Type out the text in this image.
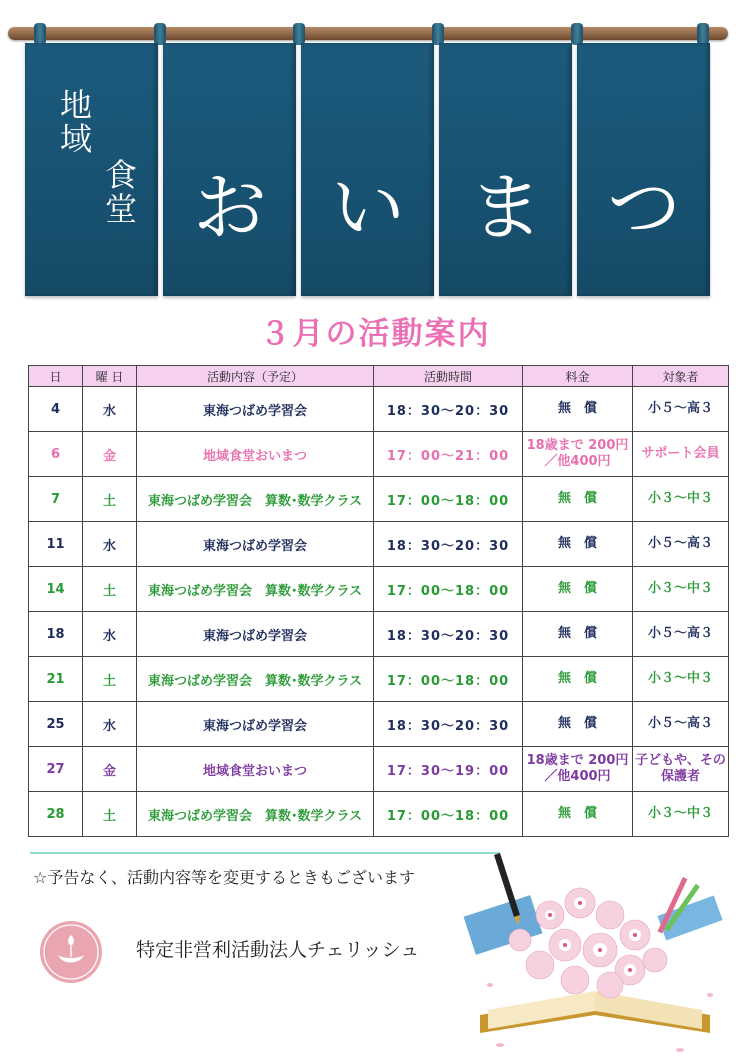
地域
食堂 お い ま つ
３月の活動案内
日	曜 日	活動内容（予定）	活動時間	料金	対象者
4	水	東海つばめ学習会	18：30〜20：30	無　償	小５〜高３
6	金	地域食堂おいまつ	17：00〜21：00	18歳まで 200円／他400円	サポート会員
7	土	東海つばめ学習会　算数･数学クラス	17：00〜18：00	無　償	小３〜中３
11	水	東海つばめ学習会	18：30〜20：30	無　償	小５〜高３
14	土	東海つばめ学習会　算数･数学クラス	17：00〜18：00	無　償	小３〜中３
18	水	東海つばめ学習会	18：30〜20：30	無　償	小５〜高３
21	土	東海つばめ学習会　算数･数学クラス	17：00〜18：00	無　償	小３〜中３
25	水	東海つばめ学習会	18：30〜20：30	無　償	小５〜高３
27	金	地域食堂おいまつ	17：30〜19：00	18歳まで 200円／他400円	子どもや、その保護者
28	土	東海つばめ学習会　算数･数学クラス	17：00〜18：00	無　償	小３〜中３
☆予告なく、活動内容等を変更するときもございます
特定非営利活動法人チェリッシュ
